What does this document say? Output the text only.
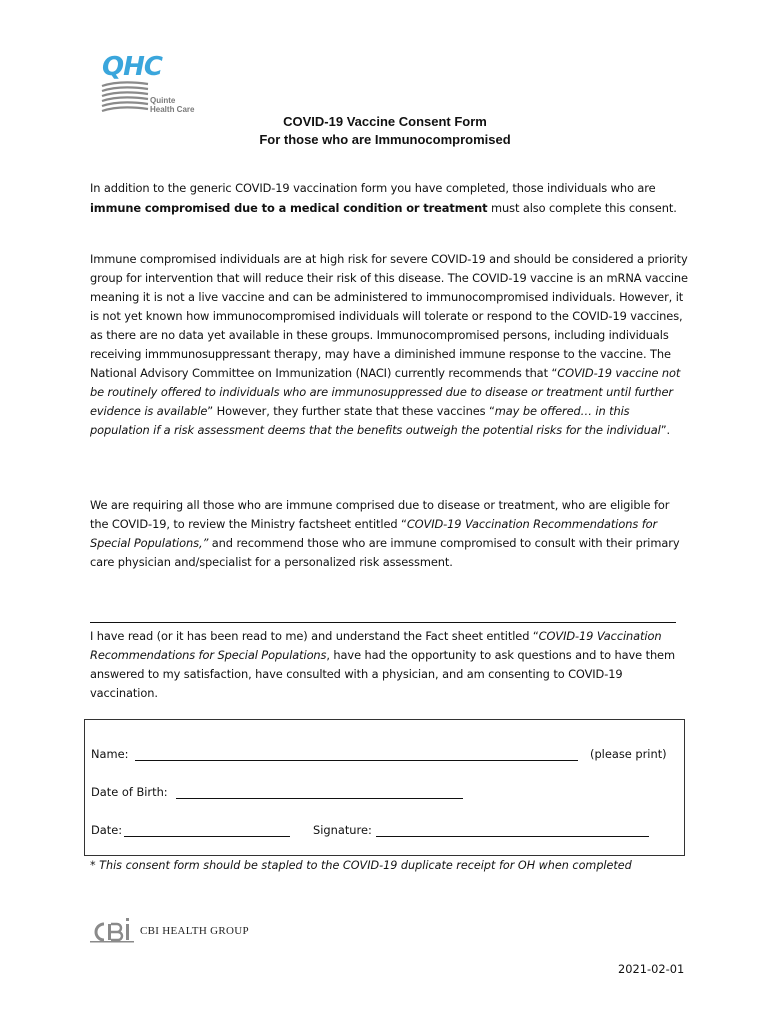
QHC
Quinte
Health Care
COVID-19 Vaccine Consent Form
For those who are Immunocompromised
In addition to the generic COVID-19 vaccination form you have completed, those individuals who are immune compromised due to a medical condition or treatment must also complete this consent.
Immune compromised individuals are at high risk for severe COVID-19 and should be considered a priority group for intervention that will reduce their risk of this disease. The COVID-19 vaccine is an mRNA vaccine meaning it is not a live vaccine and can be administered to immunocompromised individuals. However, it is not yet known how immunocompromised individuals will tolerate or respond to the COVID-19 vaccines, as there are no data yet available in these groups. Immunocompromised persons, including individuals receiving immmunosuppressant therapy, may have a diminished immune response to the vaccine. The National Advisory Committee on Immunization (NACI) currently recommends that “COVID-19 vaccine not be routinely offered to individuals who are immunosuppressed due to disease or treatment until further evidence is available” However, they further state that these vaccines “may be offered… in this population if a risk assessment deems that the benefits outweigh the potential risks for the individual”.
We are requiring all those who are immune comprised due to disease or treatment, who are eligible for the COVID-19, to review the Ministry factsheet entitled “COVID-19 Vaccination Recommendations for Special Populations,” and recommend those who are immune compromised to consult with their primary care physician and/specialist for a personalized risk assessment.
I have read (or it has been read to me) and understand the Fact sheet entitled “COVID-19 Vaccination Recommendations for Special Populations, have had the opportunity to ask questions and to have them answered to my satisfaction, have consulted with a physician, and am consenting to COVID-19 vaccination.
Name:	(please print)
Date of Birth:
Date:	Signature:
* This consent form should be stapled to the COVID-19 duplicate receipt for OH when completed
CBI HEALTH GROUP
2021-02-01
